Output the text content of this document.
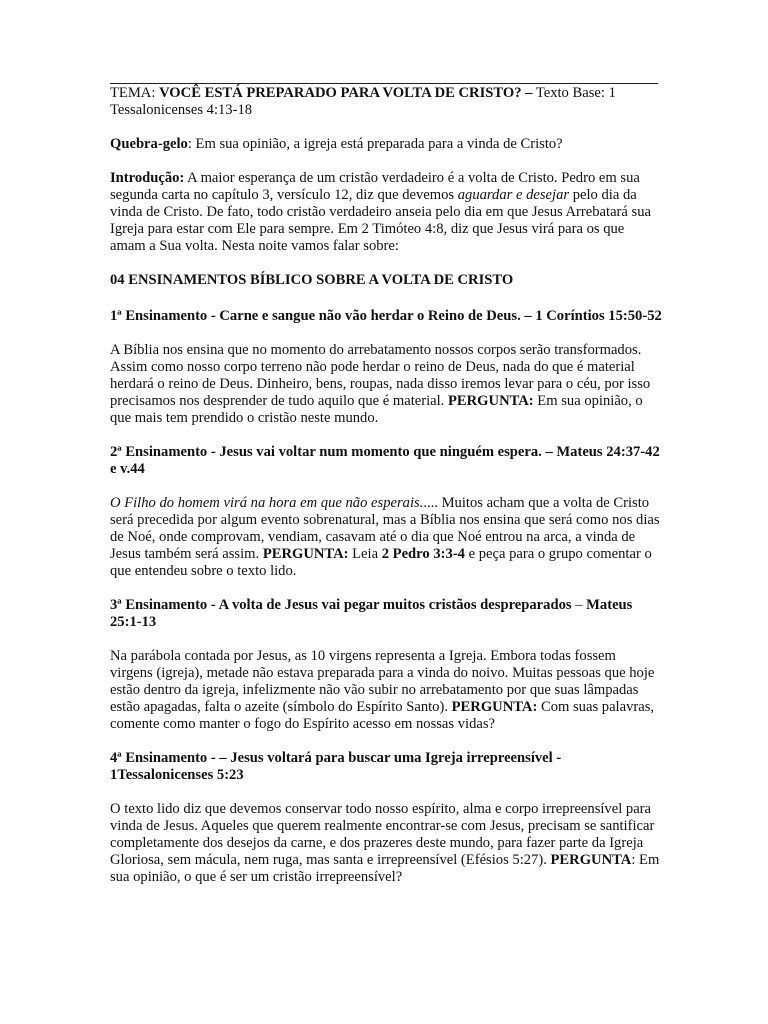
TEMA: VOCÊ ESTÁ PREPARADO PARA VOLTA DE CRISTO? – Texto Base: 1 Tessalonicenses 4:13-18

Quebra-gelo: Em sua opinião, a igreja está preparada para a vinda de Cristo?

Introdução: A maior esperança de um cristão verdadeiro é a volta de Cristo. Pedro em sua segunda carta no capítulo 3, versículo 12, diz que devemos aguardar e desejar pelo dia da vinda de Cristo. De fato, todo cristão verdadeiro anseia pelo dia em que Jesus Arrebatará sua Igreja para estar com Ele para sempre. Em 2 Timóteo 4:8, diz que Jesus virá para os que amam a Sua volta. Nesta noite vamos falar sobre:

04 ENSINAMENTOS BÍBLICO SOBRE A VOLTA DE CRISTO

1ª Ensinamento - Carne e sangue não vão herdar o Reino de Deus. – 1 Coríntios 15:50-52

A Bíblia nos ensina que no momento do arrebatamento nossos corpos serão transformados. Assim como nosso corpo terreno não pode herdar o reino de Deus, nada do que é material herdará o reino de Deus. Dinheiro, bens, roupas, nada disso iremos levar para o céu, por isso precisamos nos desprender de tudo aquilo que é material. PERGUNTA: Em sua opinião, o que mais tem prendido o cristão neste mundo.

2ª Ensinamento - Jesus vai voltar num momento que ninguém espera. – Mateus 24:37-42 e v.44

O Filho do homem virá na hora em que não esperais..... Muitos acham que a volta de Cristo será precedida por algum evento sobrenatural, mas a Bíblia nos ensina que será como nos dias de Noé, onde comprovam, vendiam, casavam até o dia que Noé entrou na arca, a vinda de Jesus também será assim. PERGUNTA: Leia 2 Pedro 3:3-4 e peça para o grupo comentar o que entendeu sobre o texto lido.

3ª Ensinamento - A volta de Jesus vai pegar muitos cristãos despreparados – Mateus 25:1-13

Na parábola contada por Jesus, as 10 virgens representa a Igreja. Embora todas fossem virgens (igreja), metade não estava preparada para a vinda do noivo. Muitas pessoas que hoje estão dentro da igreja, infelizmente não vão subir no arrebatamento por que suas lâmpadas estão apagadas, falta o azeite (símbolo do Espírito Santo). PERGUNTA: Com suas palavras, comente como manter o fogo do Espírito acesso em nossas vidas?

4ª Ensinamento - – Jesus voltará para buscar uma Igreja irrepreensível - 1Tessalonicenses 5:23

O texto lido diz que devemos conservar todo nosso espírito, alma e corpo irrepreensível para vinda de Jesus. Aqueles que querem realmente encontrar-se com Jesus, precisam se santificar completamente dos desejos da carne, e dos prazeres deste mundo, para fazer parte da Igreja Gloriosa, sem mácula, nem ruga, mas santa e irrepreensível (Efésios 5:27). PERGUNTA: Em sua opinião, o que é ser um cristão irrepreensível?
